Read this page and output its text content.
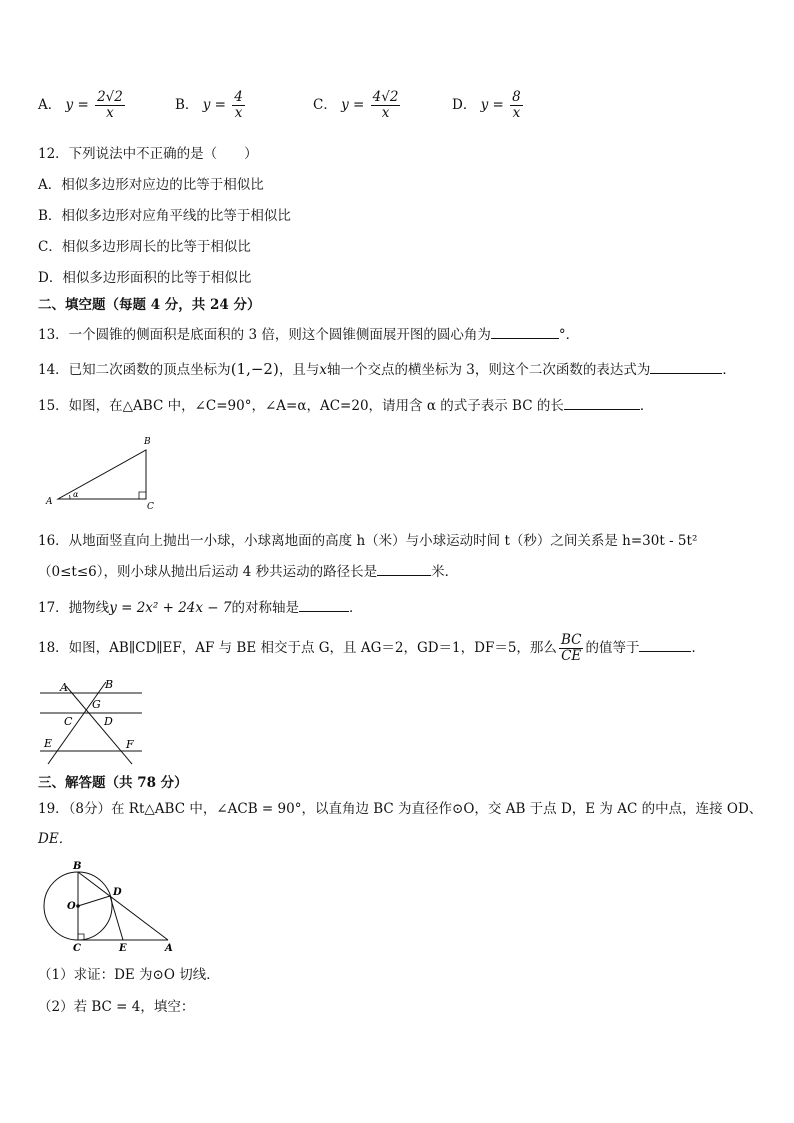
A． $y = \frac{2√2}{x}$	B． $y = \frac{4}{x}$	C． $y = \frac{4√2}{x}$	D． $y = \frac{8}{x}$
12．下列说法中不正确的是（　　）
A．相似多边形对应边的比等于相似比
B．相似多边形对应角平线的比等于相似比
C．相似多边形周长的比等于相似比
D．相似多边形面积的比等于相似比
二、填空题（每题 4 分，共 24 分）
13．一个圆锥的侧面积是底面积的 3 倍，则这个圆锥侧面展开图的圆心角为	°．
14．已知二次函数的顶点坐标为(1,−2)，且与x轴一个交点的横坐标为 3，则这个二次函数的表达式为	．
15．如图，在△ABC 中，∠C=90°，∠A=α，AC=20，请用含 α 的式子表示 BC 的长	．
A
B
C
α
16．从地面竖直向上抛出一小球，小球离地面的高度 h（米）与小球运动时间 t（秒）之间关系是 h=30t - 5t²
（0≤t≤6），则小球从抛出后运动 4 秒共运动的路径长是	米．
17．抛物线y = 2x² + 24x − 7的对称轴是	．
18．如图，AB∥CD∥EF，AF 与 BE 相交于点 G，且 AG＝2，GD＝1，DF＝5，那么 $\frac{BC}{CE}$ 的值等于	．
A	B
G
C	D
E	F
三、解答题（共 78 分）
19．（8分）在 Rt△ABC 中，∠ACB = 90°，以直角边 BC 为直径作⊙O，交 AB 于点 D，E 为 AC 的中点，连接 OD、
DE．
B
D
O
C	E	A
（1）求证：DE 为⊙O 切线．
（2）若 BC = 4，填空：
